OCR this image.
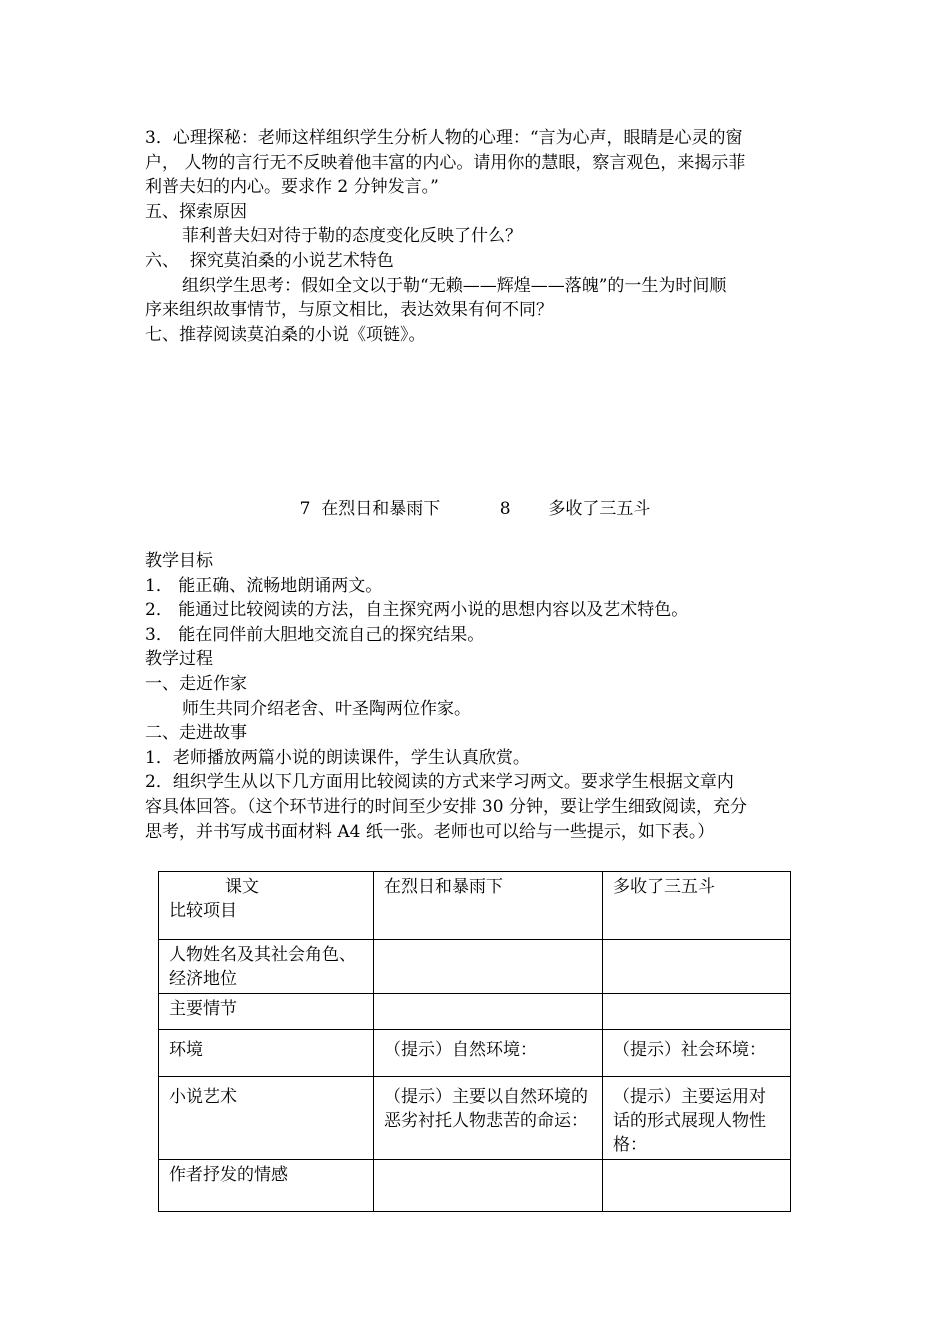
3．心理探秘：老师这样组织学生分析人物的心理：“言为心声，眼睛是心灵的窗
户， 人物的言行无不反映着他丰富的内心。请用你的慧眼，察言观色，来揭示菲
利普夫妇的内心。要求作 2 分钟发言。”
五、探索原因
菲利普夫妇对待于勒的态度变化反映了什么？
六、  探究莫泊桑的小说艺术特色
组织学生思考：假如全文以于勒“无赖——辉煌——落魄”的一生为时间顺
序来组织故事情节，与原文相比，表达效果有何不同？
七、推荐阅读莫泊桑的小说《项链》。
7  在烈日和暴雨下           8       多收了三五斗
教学目标
1． 能正确、流畅地朗诵两文。
2． 能通过比较阅读的方法，自主探究两小说的思想内容以及艺术特色。
3． 能在同伴前大胆地交流自己的探究结果。
教学过程
一、走近作家
师生共同介绍老舍、叶圣陶两位作家。
二、走进故事
1．老师播放两篇小说的朗读课件，学生认真欣赏。
2．组织学生从以下几方面用比较阅读的方式来学习两文。要求学生根据文章内
容具体回答。（这个环节进行的时间至少安排 30 分钟，要让学生细致阅读，充分
思考，并书写成书面材料 A4 纸一张。老师也可以给与一些提示，如下表。）
课文
比较项目	在烈日和暴雨下	多收了三五斗
人物姓名及其社会角色、经济地位		
主要情节		
环境	（提示）自然环境：	（提示）社会环境：
小说艺术	（提示）主要以自然环境的恶劣衬托人物悲苦的命运：	（提示）主要运用对话的形式展现人物性格：
作者抒发的情感		
